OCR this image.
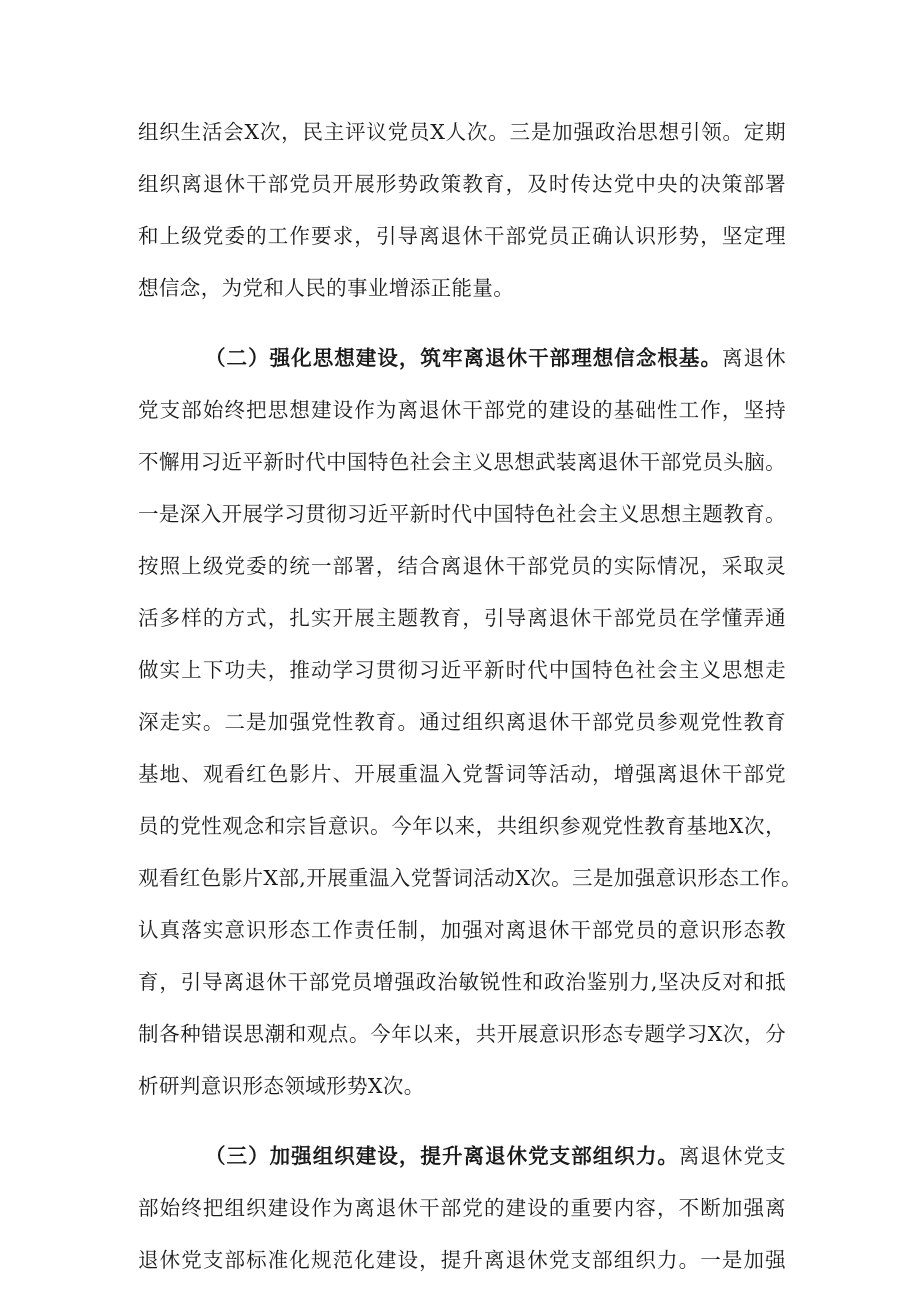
组织生活会X次，民主评议党员X人次。三是加强政治思想引领。定期
组织离退休干部党员开展形势政策教育，及时传达党中央的决策部署
和上级党委的工作要求，引导离退休干部党员正确认识形势，坚定理
想信念，为党和人民的事业增添正能量。
（二）强化思想建设，筑牢离退休干部理想信念根基。离退休
党支部始终把思想建设作为离退休干部党的建设的基础性工作，坚持
不懈用习近平新时代中国特色社会主义思想武装离退休干部党员头脑。
一是深入开展学习贯彻习近平新时代中国特色社会主义思想主题教育。
按照上级党委的统一部署，结合离退休干部党员的实际情况，采取灵
活多样的方式，扎实开展主题教育，引导离退休干部党员在学懂弄通
做实上下功夫，推动学习贯彻习近平新时代中国特色社会主义思想走
深走实。二是加强党性教育。通过组织离退休干部党员参观党性教育
基地、观看红色影片、开展重温入党誓词等活动，增强离退休干部党
员的党性观念和宗旨意识。今年以来，共组织参观党性教育基地X次，
观看红色影片X部,开展重温入党誓词活动X次。三是加强意识形态工作。
认真落实意识形态工作责任制，加强对离退休干部党员的意识形态教
育，引导离退休干部党员增强政治敏锐性和政治鉴别力,坚决反对和抵
制各种错误思潮和观点。今年以来，共开展意识形态专题学习X次，分
析研判意识形态领域形势X次。
（三）加强组织建设，提升离退休党支部组织力。离退休党支
部始终把组织建设作为离退休干部党的建设的重要内容，不断加强离
退休党支部标准化规范化建设，提升离退休党支部组织力。一是加强
